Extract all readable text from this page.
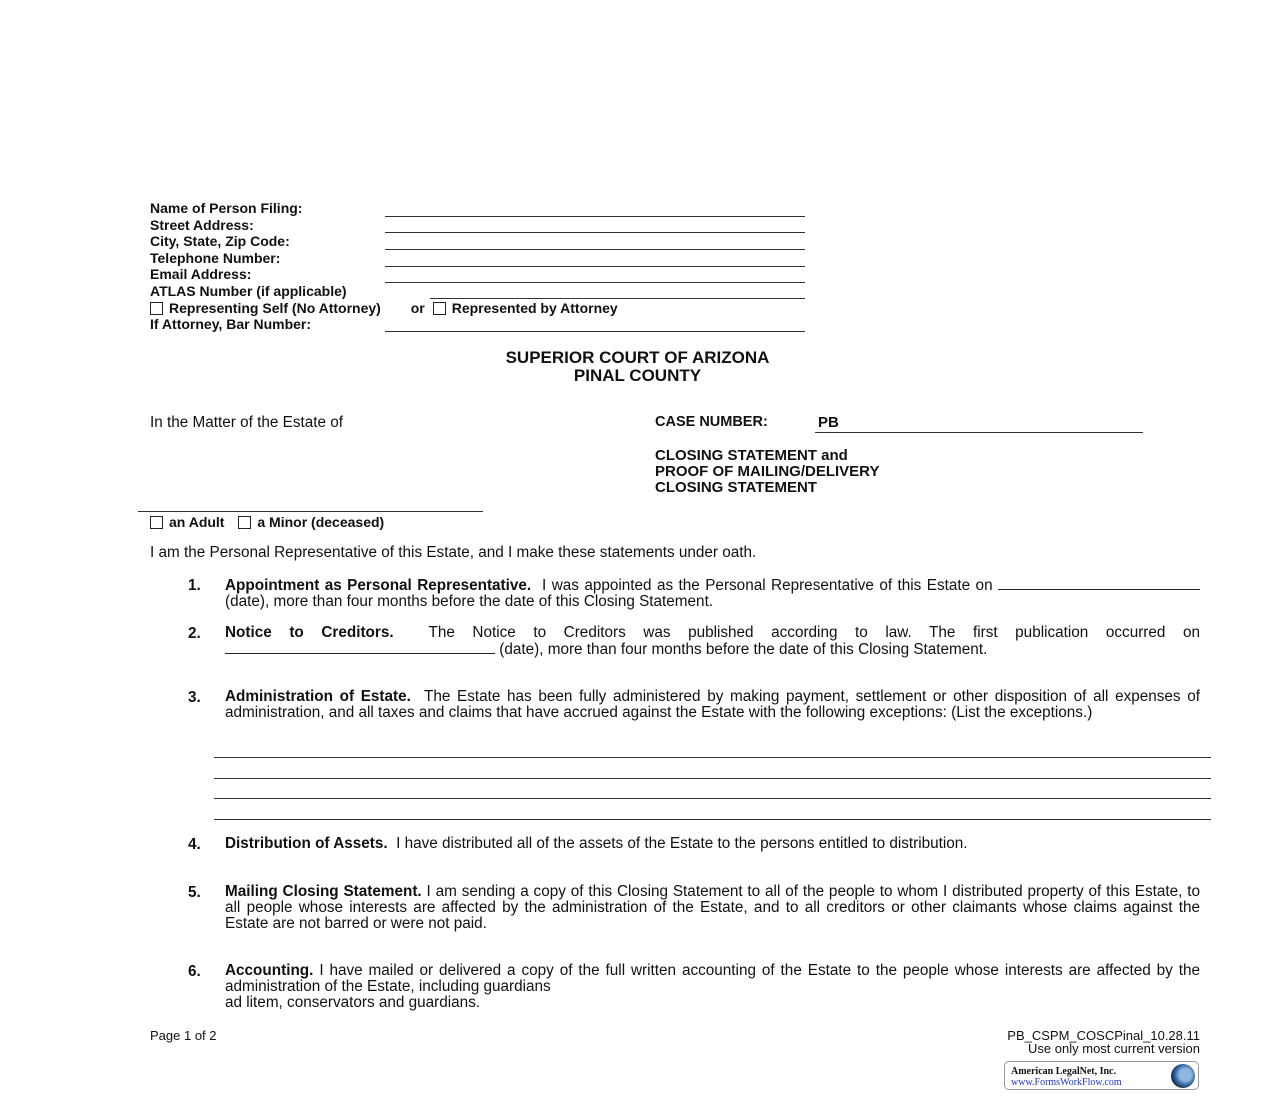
Name of Person Filing:
Street Address:
City, State, Zip Code:
Telephone Number:
Email Address:
ATLAS Number (if applicable)
Representing Self (No Attorney) or Represented by Attorney
If Attorney, Bar Number:
SUPERIOR COURT OF ARIZONA
PINAL COUNTY
In the Matter of the Estate of
an Adult a Minor (deceased)
CASE NUMBER:	PB
CLOSING STATEMENT and
PROOF OF MAILING/DELIVERY
CLOSING STATEMENT
I am the Personal Representative of this Estate, and I make these statements under oath.
1. Appointment as Personal Representative. I was appointed as the Personal Representative of this Estate on  (date), more than four months before the date of this Closing Statement.
2. Notice to Creditors. The Notice to Creditors was published according to law. The first publication occurred on  (date), more than four months before the date of this Closing Statement.
3. Administration of Estate. The Estate has been fully administered by making payment, settlement or other disposition of all expenses of administration, and all taxes and claims that have accrued against the Estate with the following exceptions: (List the exceptions.)
4. Distribution of Assets. I have distributed all of the assets of the Estate to the persons entitled to distribution.
5. Mailing Closing Statement. I am sending a copy of this Closing Statement to all of the people to whom I distributed property of this Estate, to all people whose interests are affected by the administration of the Estate, and to all creditors or other claimants whose claims against the Estate are not barred or were not paid.
6. Accounting. I have mailed or delivered a copy of the full written accounting of the Estate to the people whose interests are affected by the administration of the Estate, including guardians
ad litem, conservators and guardians.
Page 1 of 2	PB_CSPM_COSCPinal_10.28.11
Use only most current version
American LegalNet, Inc.
www.FormsWorkFlow.com
